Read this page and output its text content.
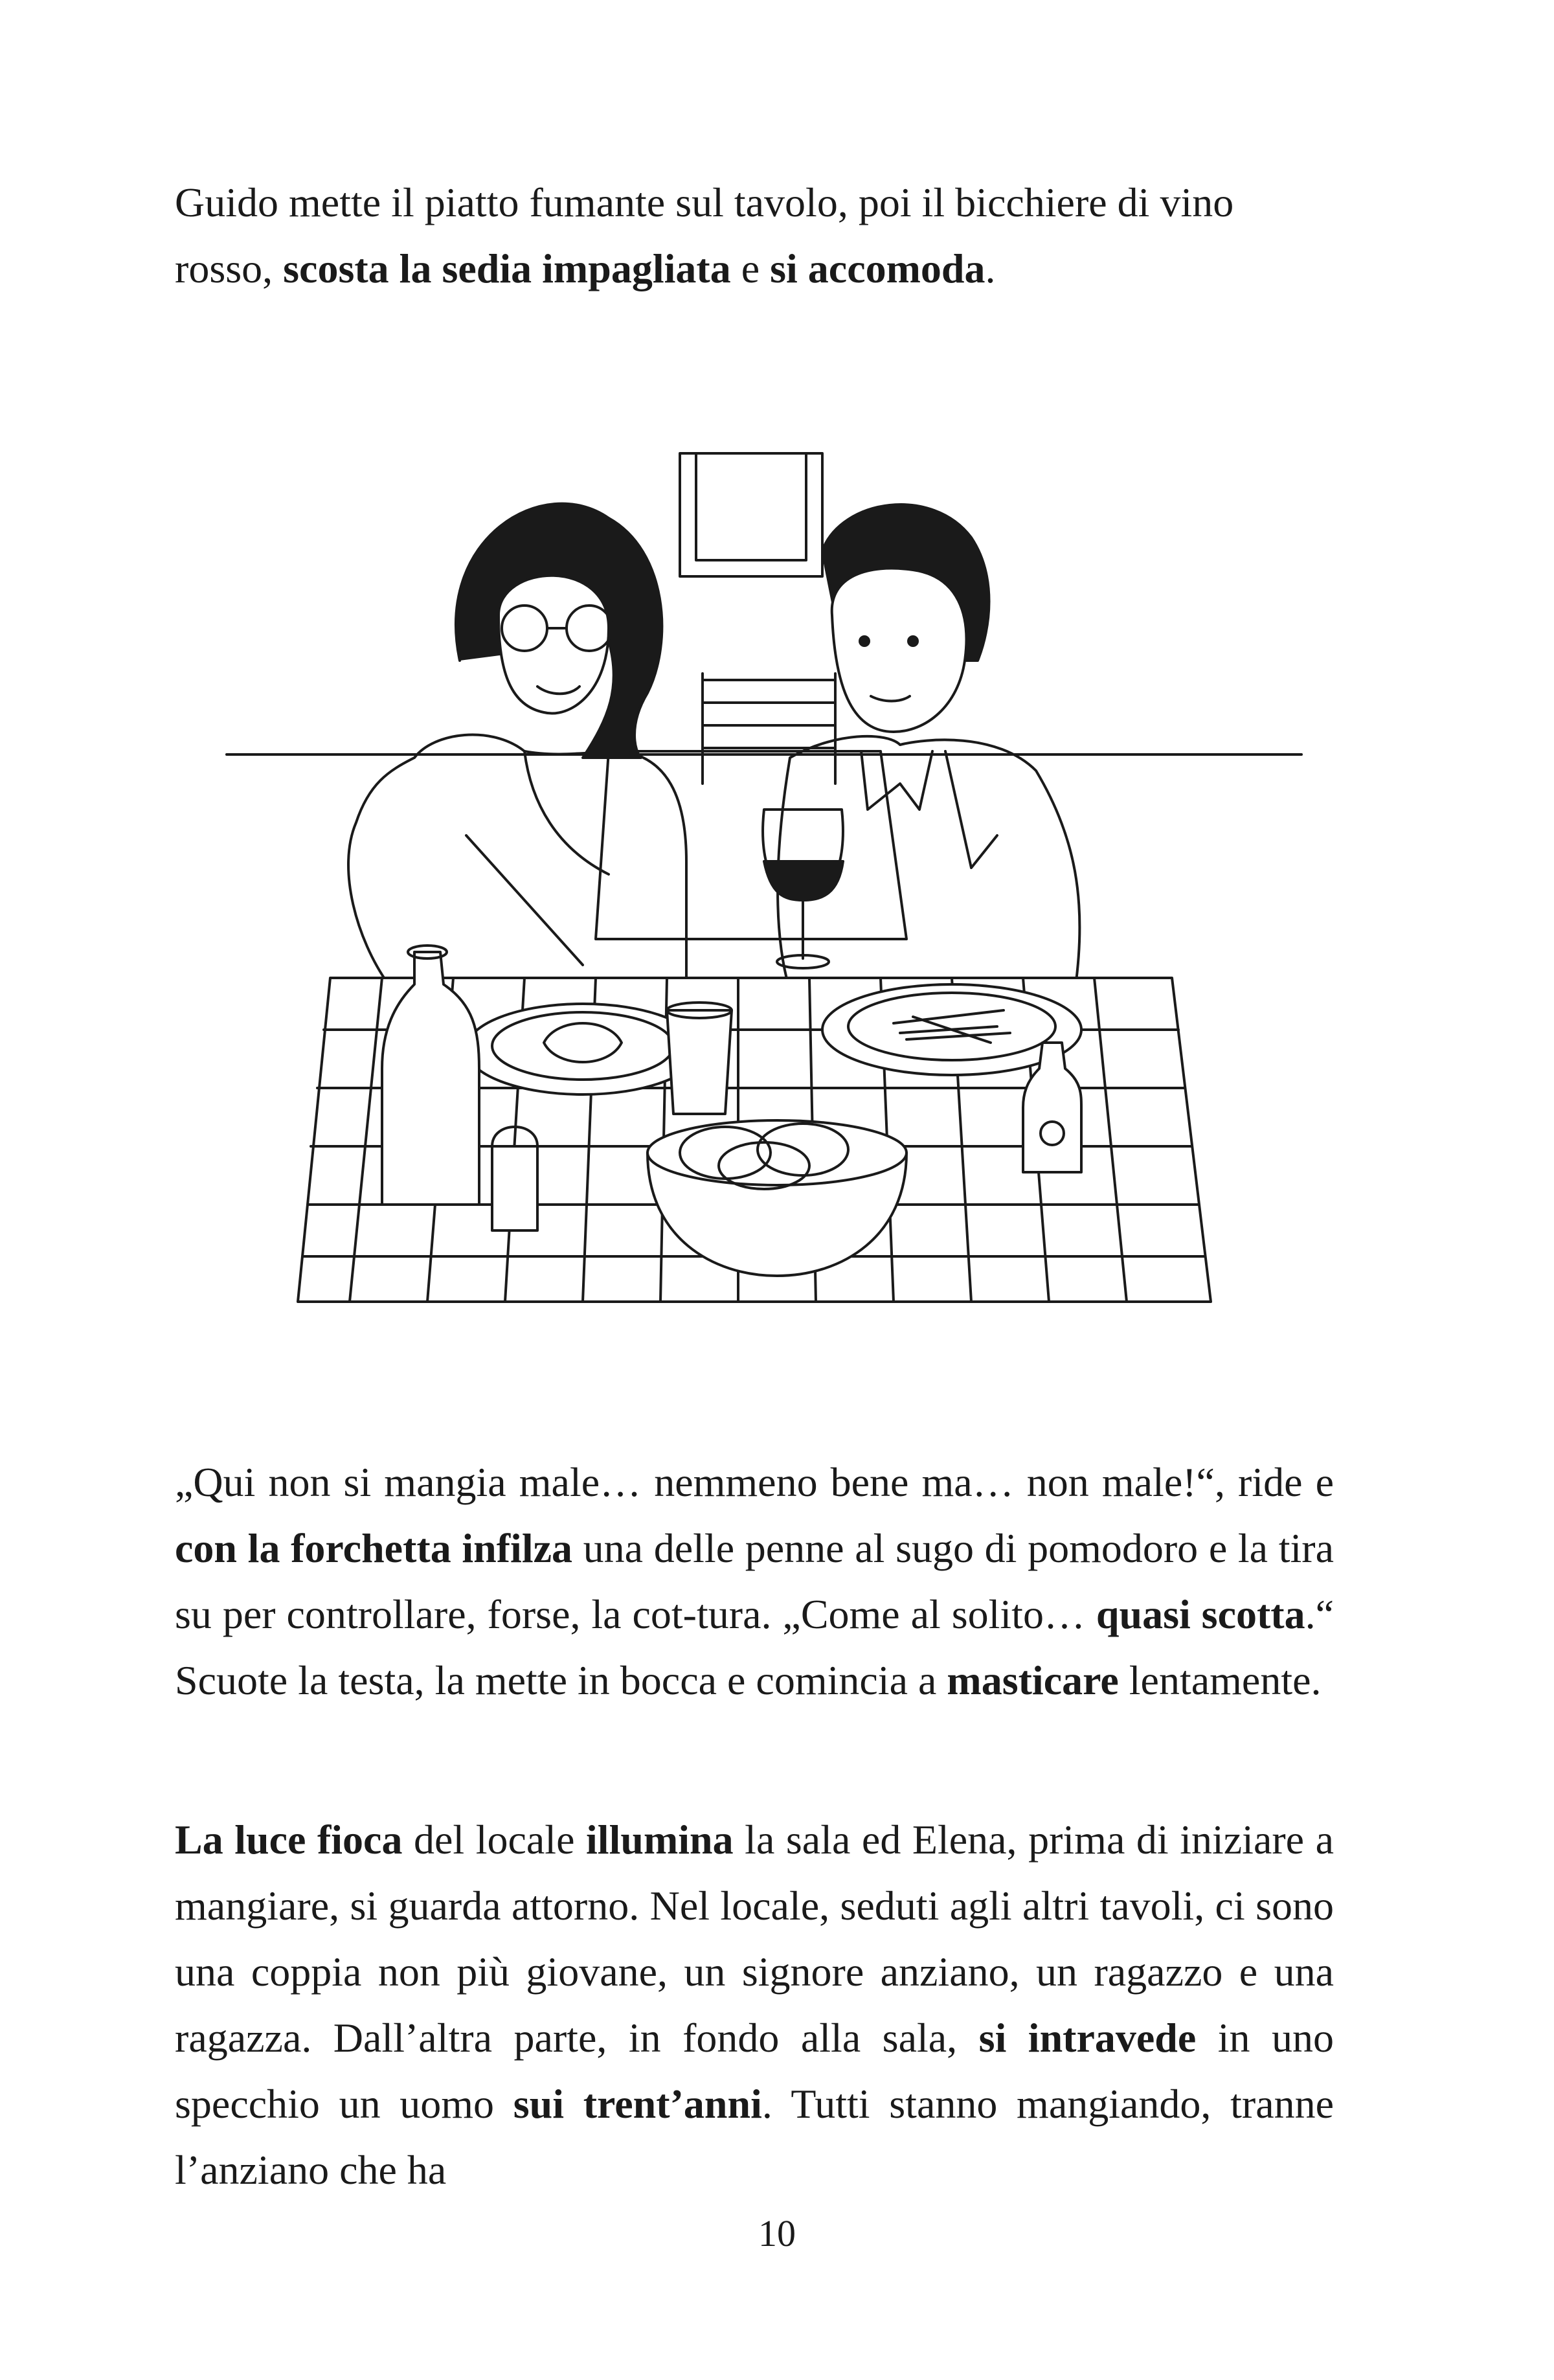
Guido mette il piatto fumante sul tavolo, poi il bicchiere di vino rosso, scosta la sedia impagliata e si accomoda.

„Qui non si mangia male… nemmeno bene ma… non male!“, ride e con la forchetta infilza una delle penne al sugo di pomodoro e la tira su per controllare, forse, la cot-tura. „Come al solito… quasi scotta.“ Scuote la testa, la mette in bocca e comincia a masticare lentamente.

La luce fioca del locale illumina la sala ed Elena, prima di iniziare a mangiare, si guarda attorno. Nel locale, seduti agli altri tavoli, ci sono una coppia non più giovane, un signore anziano, un ragazzo e una ragazza. Dall’altra parte, in fondo alla sala, si intravede in uno specchio un uomo sui trent’anni. Tutti stanno mangiando, tranne l’anziano che ha

10
